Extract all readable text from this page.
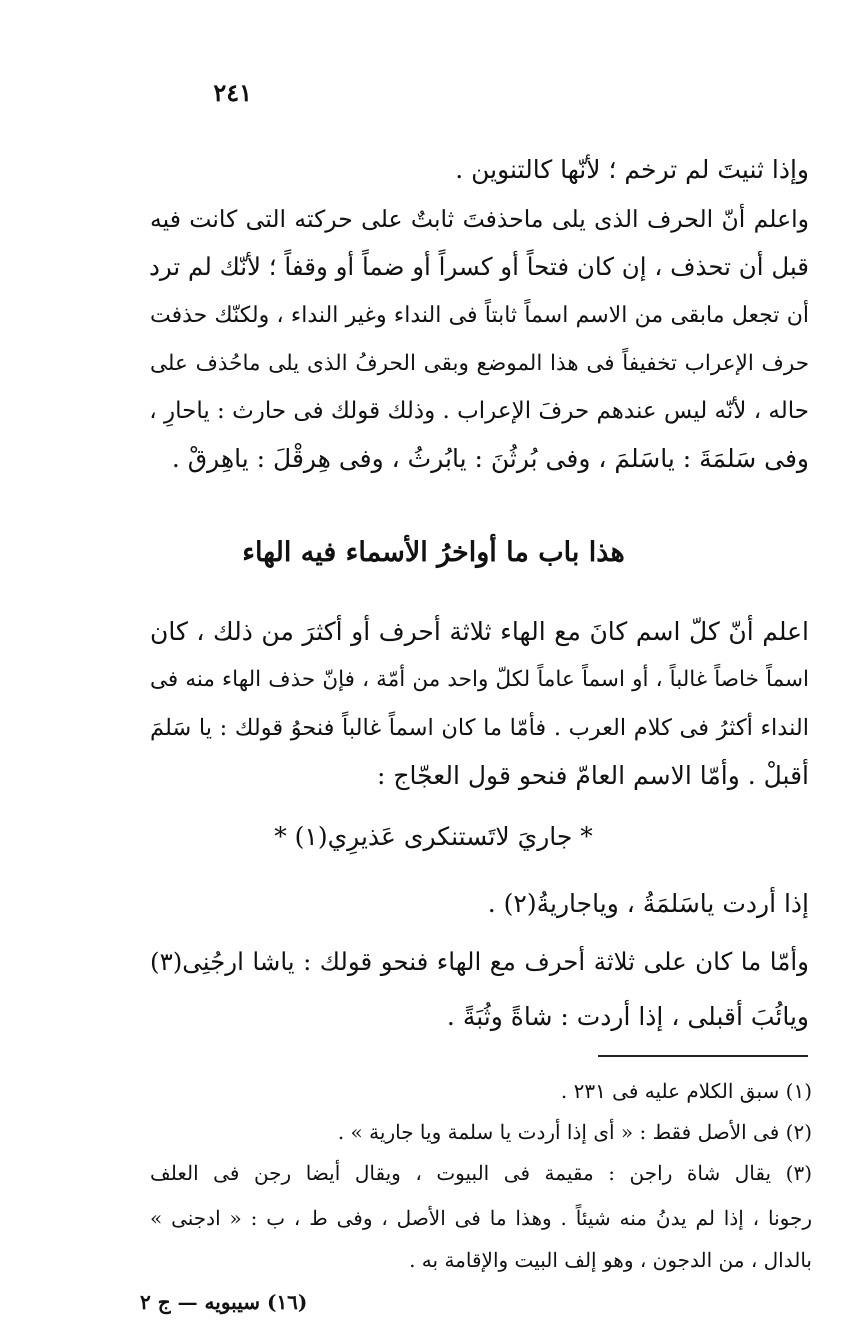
٢٤١
وإذا ثنيتَ لم ترخم ؛ لأنّها كالتنوين .
واعلم أنّ الحرف الذى يلى ماحذفتَ ثابتٌ على حركته التى كانت فيه
قبل أن تحذف ، إن كان فتحاً أو كسراً أو ضماً أو وقفاً ؛ لأنّك لم ترد
أن تجعل مابقى من الاسم اسماً ثابتاً فى النداء وغير النداء ، ولكنّك حذفت
حرف الإعراب تخفيفاً فى هذا الموضع وبقى الحرفُ الذى يلى ماحُذف على
حاله ، لأنّه ليس عندهم حرفَ الإعراب . وذلك قولك فى حارث : ياحارِ ،
وفى سَلمَةَ : ياسَلمَ ، وفى بُرثُنَ : يابُرثُ ، وفى هِرقْلَ : ياهِرقْ .
هذا باب ما أواخرُ الأسماء فيه الهاء
اعلم أنّ كلّ اسم كانَ مع الهاء ثلاثة أحرف أو أكثرَ من ذلك ، كان
اسماً خاصاً غالباً ، أو اسماً عاماً لكلّ واحد من أمّة ، فإنّ حذف الهاء منه فى
النداء أكثرُ فى كلام العرب . فأمّا ما كان اسماً غالباً فنحوُ قولك : يا سَلمَ
أقبلْ . وأمّا الاسم العامّ فنحو قول العجّاج :
* جاريَ لاتَستنكرى عَذيرِي(١) *
إذا أردت ياسَلمَةُ ، وياجاريةُ(٢) .
وأمّا ما كان على ثلاثة أحرف مع الهاء فنحو قولك : ياشا ارجُنِى(٣)
ويائُبَ أقبلى ، إذا أردت : شاةً وثُبَةً .
(١) سبق الكلام عليه فى ٢٣١ .
(٢) فى الأصل فقط : « أى إذا أردت يا سلمة ويا جارية » .
(٣) يقال شاة راجن : مقيمة فى البيوت ، ويقال أيضا رجن فى العلف
رجونا ، إذا لم يدنُ منه شيئاً . وهذا ما فى الأصل ، وفى ط ، ب : « ادجنى »
بالدال ، من الدجون ، وهو إلف البيت والإقامة به .
(١٦) سيبويه — ج ٢
